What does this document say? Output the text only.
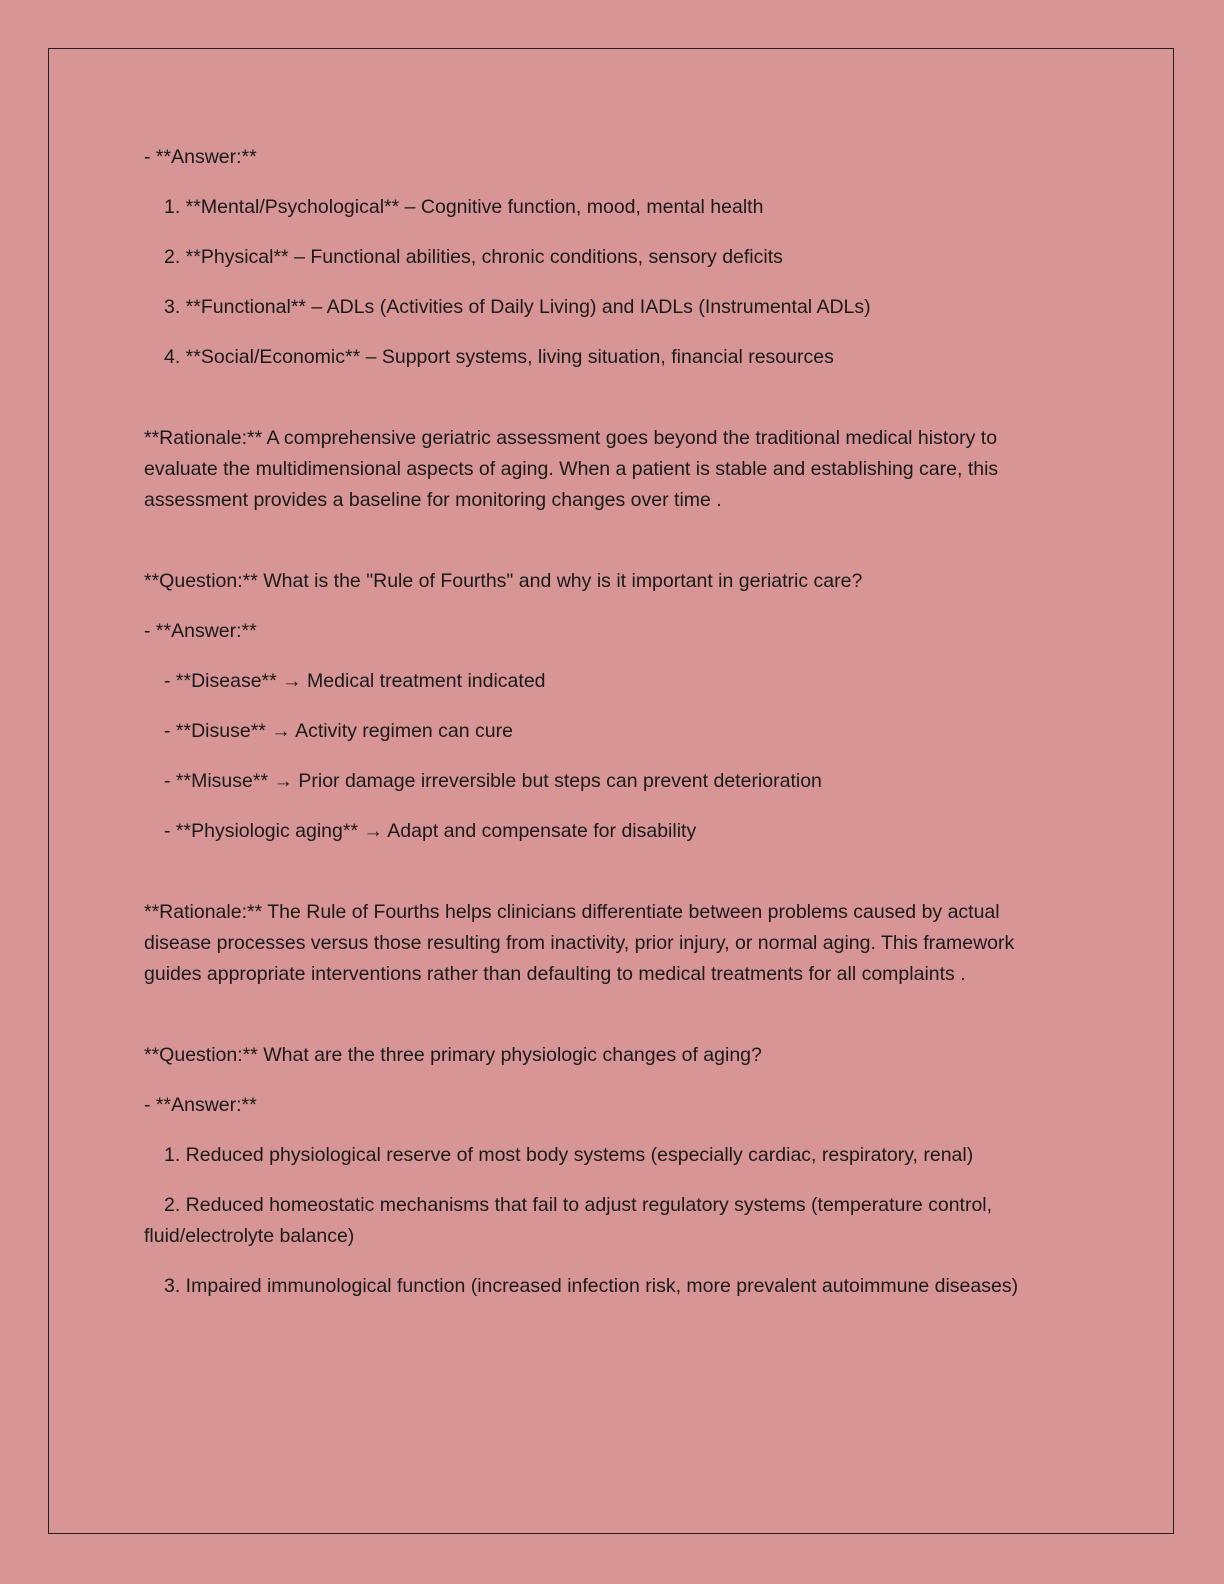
- **Answer:**

1. **Mental/Psychological** – Cognitive function, mood, mental health

2. **Physical** – Functional abilities, chronic conditions, sensory deficits

3. **Functional** – ADLs (Activities of Daily Living) and IADLs (Instrumental ADLs)

4. **Social/Economic** – Support systems, living situation, financial resources

**Rationale:** A comprehensive geriatric assessment goes beyond the traditional medical history to

evaluate the multidimensional aspects of aging. When a patient is stable and establishing care, this

assessment provides a baseline for monitoring changes over time .

**Question:** What is the "Rule of Fourths" and why is it important in geriatric care?

- **Answer:**

- **Disease** → Medical treatment indicated

- **Disuse** → Activity regimen can cure

- **Misuse** → Prior damage irreversible but steps can prevent deterioration

- **Physiologic aging** → Adapt and compensate for disability

**Rationale:** The Rule of Fourths helps clinicians differentiate between problems caused by actual

disease processes versus those resulting from inactivity, prior injury, or normal aging. This framework

guides appropriate interventions rather than defaulting to medical treatments for all complaints .

**Question:** What are the three primary physiologic changes of aging?

- **Answer:**

1. Reduced physiological reserve of most body systems (especially cardiac, respiratory, renal)

2. Reduced homeostatic mechanisms that fail to adjust regulatory systems (temperature control,

fluid/electrolyte balance)

3. Impaired immunological function (increased infection risk, more prevalent autoimmune diseases)
